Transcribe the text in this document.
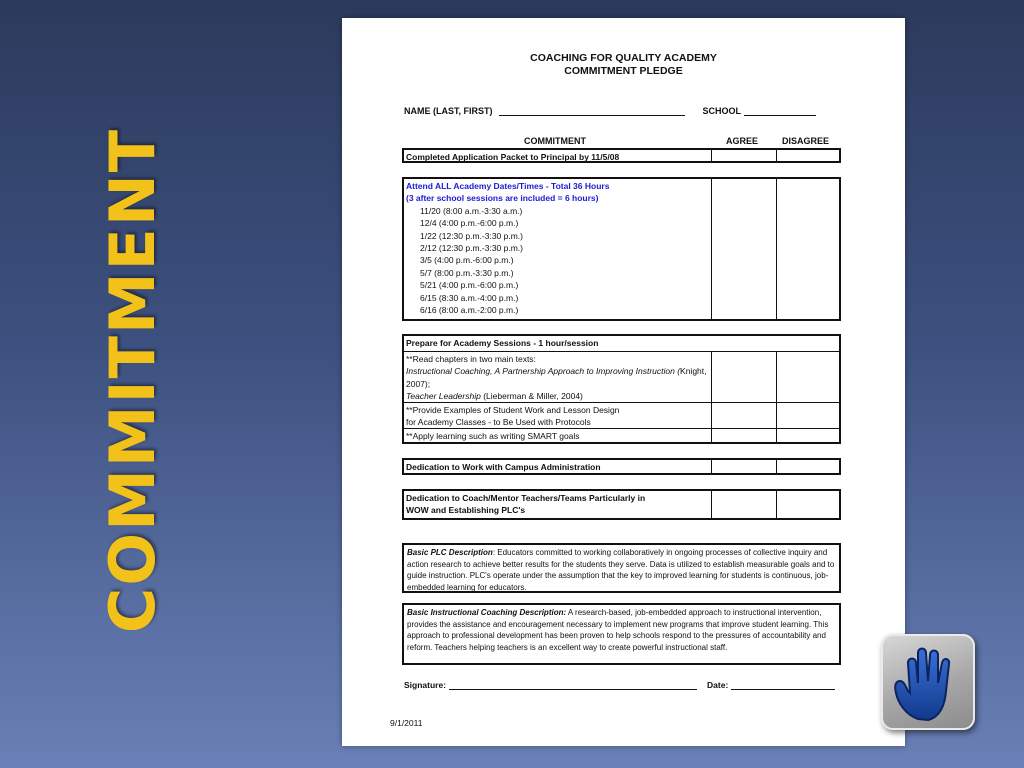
COMMITMENT
COACHING FOR QUALITY ACADEMY
COMMITMENT PLEDGE
NAME (LAST, FIRST)	SCHOOL
COMMITMENT	AGREE	DISAGREE
Completed Application Packet to Principal by 11/5/08
Attend ALL Academy Dates/Times - Total 36 Hours
(3 after school sessions are included = 6 hours)
11/20 (8:00 a.m.-3:30 a.m.)
12/4 (4:00 p.m.-6:00 p.m.)
1/22 (12:30 p.m.-3:30 p.m.)
2/12 (12:30 p.m.-3:30 p.m.)
3/5 (4:00 p.m.-6:00 p.m.)
5/7 (8:00 p.m.-3:30 p.m.)
5/21 (4:00 p.m.-6:00 p.m.)
6/15 (8:30 a.m.-4:00 p.m.)
6/16 (8:00 a.m.-2:00 p.m.)
Prepare for Academy Sessions - 1 hour/session
**Read chapters in two main texts:
Instructional Coaching, A Partnership Approach to Improving Instruction (Knight, 2007);
Teacher Leadership (Lieberman & Miller, 2004)
**Provide Examples of Student Work and Lesson Design
for Academy Classes - to Be Used with Protocols
**Apply learning such as writing SMART goals
Dedication to Work with Campus Administration
Dedication to Coach/Mentor Teachers/Teams Particularly in
WOW and Establishing PLC's
Basic PLC Description: Educators committed to working collaboratively in ongoing processes of collective inquiry and action research to achieve better results for the students they serve. Data is utilized to establish measurable goals and to guide instruction. PLC's operate under the assumption that the key to improved learning for students is continuous, job-embedded learning for educators.
Basic Instructional Coaching Description: A research-based, job-embedded approach to instructional intervention, provides the assistance and encouragement necessary to implement new programs that improve student learning. This approach to professional development has been proven to help schools respond to the pressures of accountability and reform. Teachers helping teachers is an excellent way to create powerful instructional staff.
Signature:	Date:
9/1/2011
